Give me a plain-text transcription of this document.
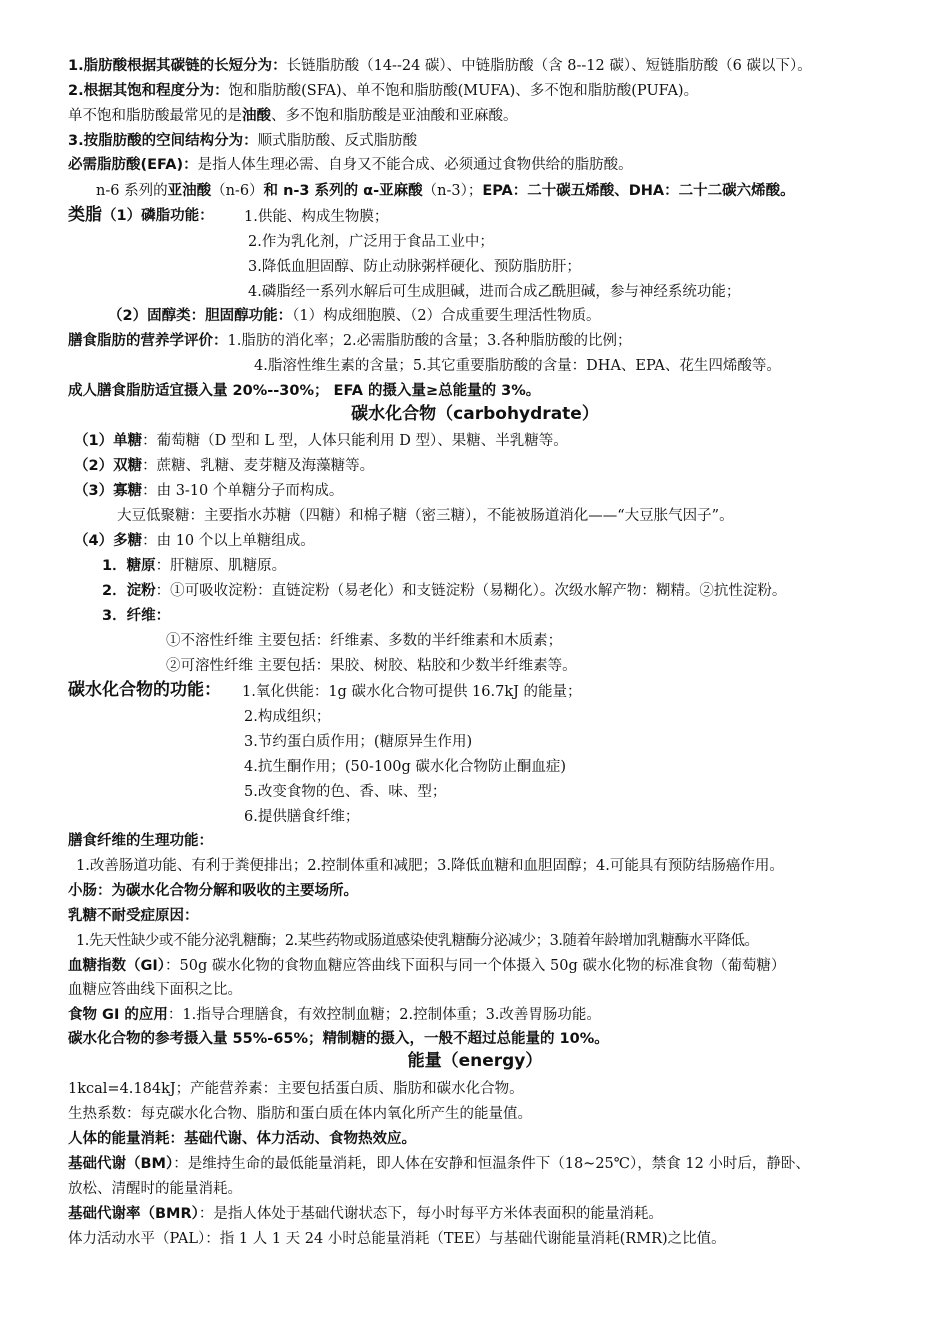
1.脂肪酸根据其碳链的长短分为：长链脂肪酸（14--24 碳）、中链脂肪酸（含 8--12 碳）、短链脂肪酸（6 碳以下）。
2.根据其饱和程度分为：饱和脂肪酸(SFA)、单不饱和脂肪酸(MUFA)、多不饱和脂肪酸(PUFA)。
单不饱和脂肪酸最常见的是油酸、多不饱和脂肪酸是亚油酸和亚麻酸。
3.按脂肪酸的空间结构分为：顺式脂肪酸、反式脂肪酸
必需脂肪酸(EFA)：是指人体生理必需、自身又不能合成、必须通过食物供给的脂肪酸。
n-6 系列的亚油酸（n-6）和 n-3 系列的 α-亚麻酸（n-3）；EPA：二十碳五烯酸、DHA：二十二碳六烯酸。
类脂（1）磷脂功能： 1.供能、构成生物膜；
2.作为乳化剂，广泛用于食品工业中；
3.降低血胆固醇、防止动脉粥样硬化、预防脂肪肝；
4.磷脂经一系列水解后可生成胆碱，进而合成乙酰胆碱，参与神经系统功能；
（2）固醇类：胆固醇功能：（1）构成细胞膜、（2）合成重要生理活性物质。
膳食脂肪的营养学评价：1.脂肪的消化率；2.必需脂肪酸的含量；3.各种脂肪酸的比例；
4.脂溶性维生素的含量；5.其它重要脂肪酸的含量：DHA、EPA、花生四烯酸等。
成人膳食脂肪适宜摄入量 20%--30%； EFA 的摄入量≥总能量的 3%。
碳水化合物（carbohydrate）
（1）单糖：葡萄糖（D 型和 L 型，人体只能利用 D 型）、果糖、半乳糖等。
（2）双糖：蔗糖、乳糖、麦芽糖及海藻糖等。
（3）寡糖：由 3-10 个单糖分子而构成。
大豆低聚糖：主要指水苏糖（四糖）和棉子糖（密三糖），不能被肠道消化——“大豆胀气因子”。
（4）多糖：由 10 个以上单糖组成。
1．糖原：肝糖原、肌糖原。
2．淀粉：①可吸收淀粉：直链淀粉（易老化）和支链淀粉（易糊化）。次级水解产物：糊精。②抗性淀粉。
3．纤维：
①不溶性纤维 主要包括：纤维素、多数的半纤维素和木质素；
②可溶性纤维 主要包括：果胶、树胶、粘胶和少数半纤维素等。
碳水化合物的功能： 1.氧化供能：1g 碳水化合物可提供 16.7kJ 的能量；
2.构成组织；
3.节约蛋白质作用；(糖原异生作用)
4.抗生酮作用；(50-100g 碳水化合物防止酮血症)
5.改变食物的色、香、味、型；
6.提供膳食纤维；
膳食纤维的生理功能：
1.改善肠道功能、有利于粪便排出；2.控制体重和减肥；3.降低血糖和血胆固醇；4.可能具有预防结肠癌作用。
小肠：为碳水化合物分解和吸收的主要场所。
乳糖不耐受症原因：
1.先天性缺少或不能分泌乳糖酶；2.某些药物或肠道感染使乳糖酶分泌减少；3.随着年龄增加乳糖酶水平降低。
血糖指数（GI）：50g 碳水化物的食物血糖应答曲线下面积与同一个体摄入 50g 碳水化物的标准食物（葡萄糖）
血糖应答曲线下面积之比。
食物 GI 的应用：1.指导合理膳食，有效控制血糖；2.控制体重；3.改善胃肠功能。
碳水化合物的参考摄入量 55%-65%；精制糖的摄入，一般不超过总能量的 10%。
能量（energy）
1kcal=4.184kJ；产能营养素：主要包括蛋白质、脂肪和碳水化合物。
生热系数：每克碳水化合物、脂肪和蛋白质在体内氧化所产生的能量值。
人体的能量消耗：基础代谢、体力活动、食物热效应。
基础代谢（BM）：是维持生命的最低能量消耗，即人体在安静和恒温条件下（18~25℃），禁食 12 小时后，静卧、
放松、清醒时的能量消耗。
基础代谢率（BMR）：是指人体处于基础代谢状态下，每小时每平方米体表面积的能量消耗。
体力活动水平（PAL）：指 1 人 1 天 24 小时总能量消耗（TEE）与基础代谢能量消耗(RMR)之比值。
